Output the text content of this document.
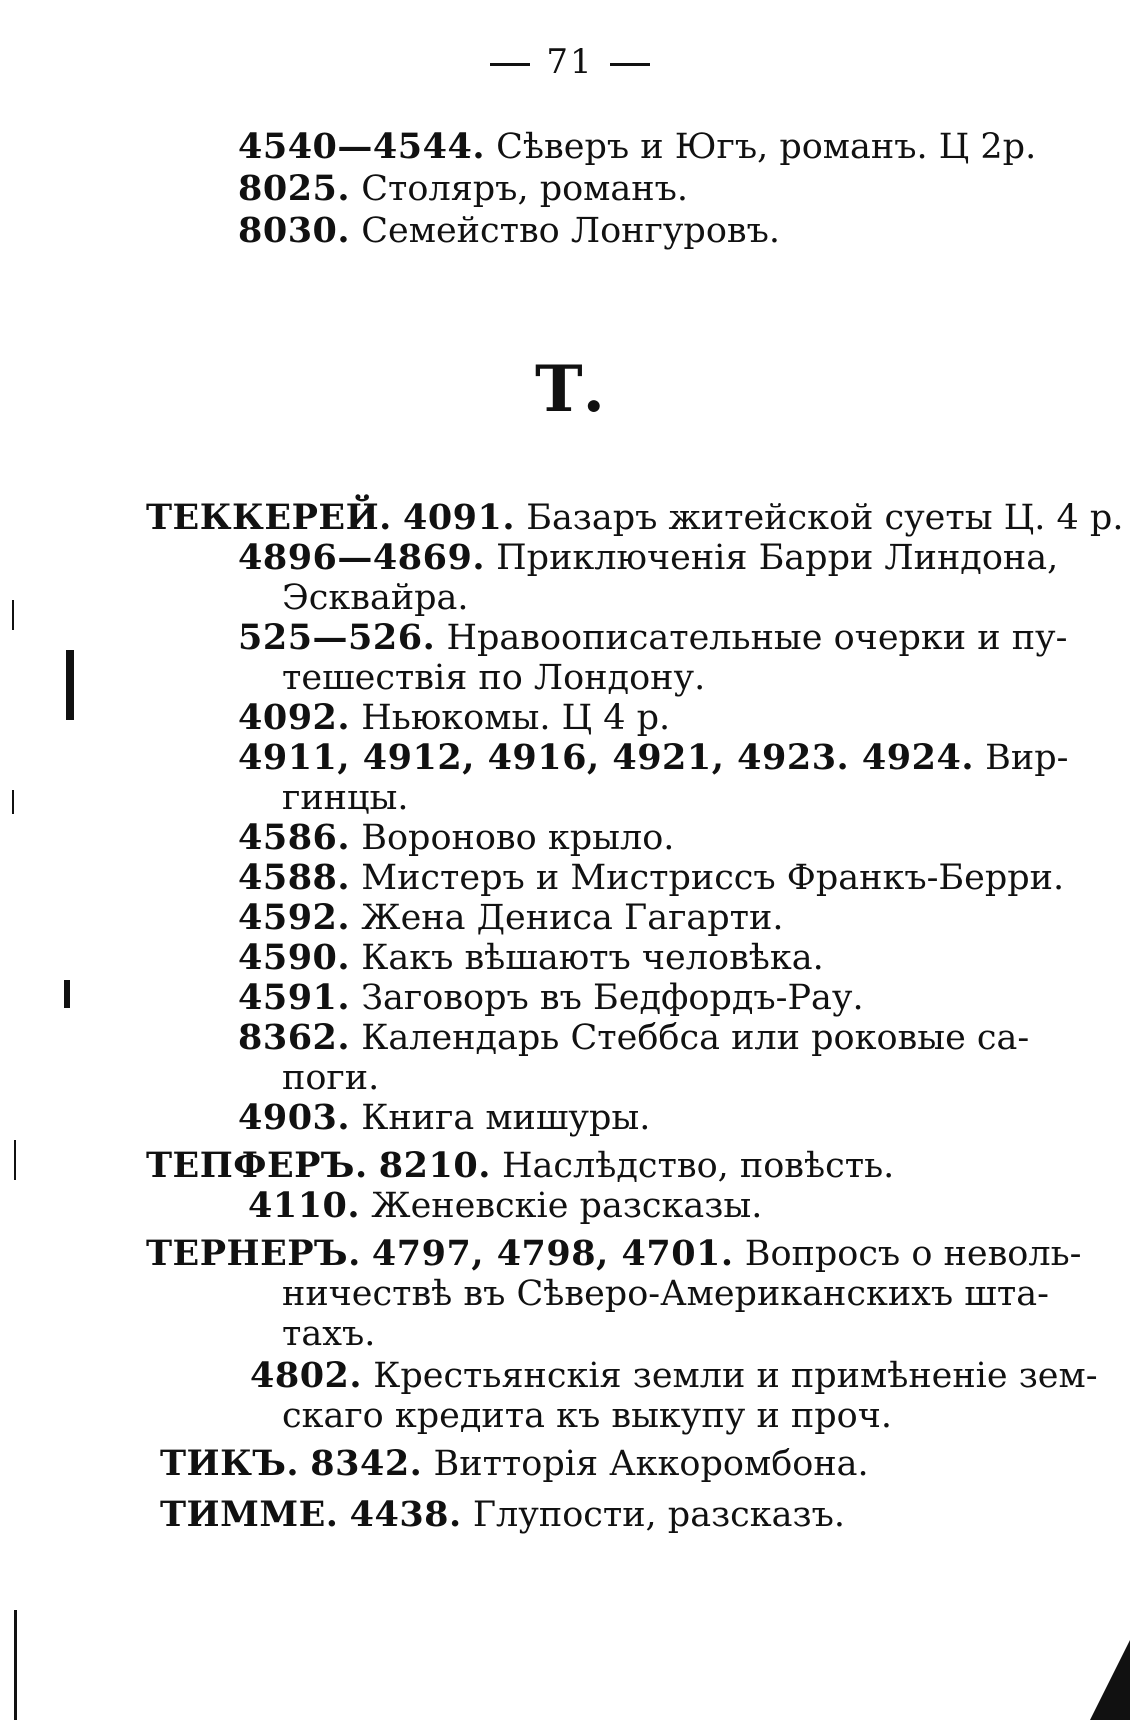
71
4540—4544. Сѣверъ и Югъ, романъ. Ц 2р.
8025. Столяръ, романъ.
8030. Семейство Лонгуровъ.
Т.
ТЕККЕРЕЙ. 4091. Базаръ житейской суеты Ц. 4 р.
4896—4869. Приключенія Барри Линдона,
Эсквайра.
525—526. Нравоописательные очерки и пу-
тешествія по Лондону.
4092. Ньюкомы. Ц 4 р.
4911, 4912, 4916, 4921, 4923. 4924. Вир-
гинцы.
4586. Вороново крыло.
4588. Мистеръ и Мистриссъ Франкъ-Берри.
4592. Жена Дениса Гагарти.
4590. Какъ вѣшаютъ человѣка.
4591. Заговоръ въ Бедфордъ-Рау.
8362. Календарь Стеббса или роковые са-
поги.
4903. Книга мишуры.
ТЕПФЕРЪ. 8210. Наслѣдство, повѣсть.
4110. Женевскіе разсказы.
ТЕРНЕРЪ. 4797, 4798, 4701. Вопросъ о неволь-
ничествѣ въ Сѣверо-Американскихъ шта-
тахъ.
4802. Крестьянскія земли и примѣненіе зем-
скаго кредита къ выкупу и проч.
ТИКЪ. 8342. Витторія Аккоромбона.
ТИММЕ. 4438. Глупости, разсказъ.
